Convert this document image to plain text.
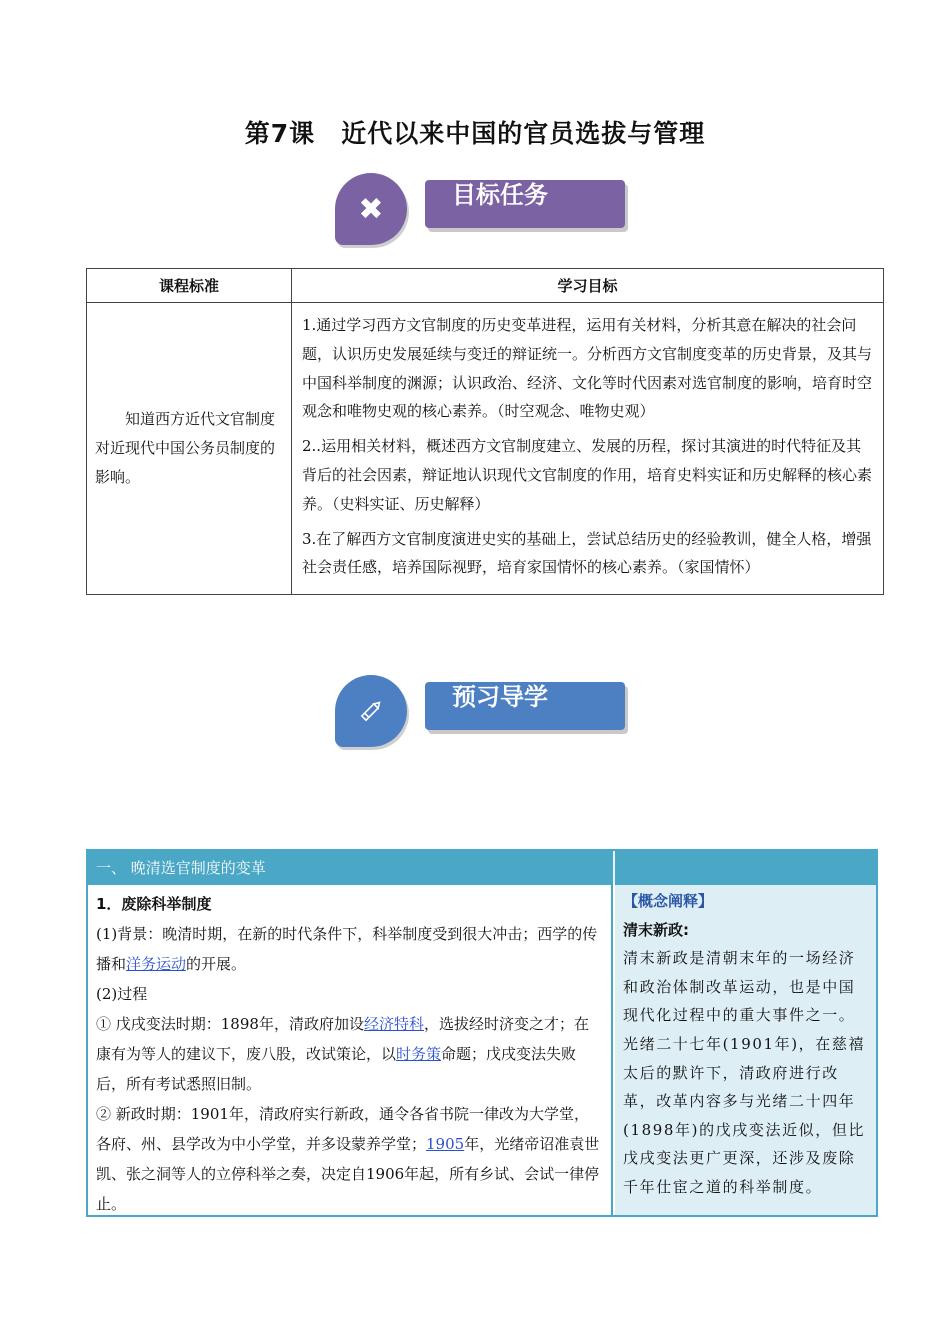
第7课 近代以来中国的官员选拔与管理
目标任务
✖
课程标准	学习目标

知道西方近代文官制度对近现代中国公务员制度的影响。	1.通过学习西方文官制度的历史变革进程，运用有关材料，分析其意在解决的社会问题，认识历史发展延续与变迁的辩证统一。分析西方文官制度变革的历史背景，及其与中国科举制度的渊源；认识政治、经济、文化等时代因素对选官制度的影响，培育时空观念和唯物史观的核心素养。（时空观念、唯物史观）

2..运用相关材料，概述西方文官制度建立、发展的历程，探讨其演进的时代特征及其背后的社会因素，辩证地认识现代文官制度的作用，培育史料实证和历史解释的核心素养。（史料实证、历史解释）

3.在了解西方文官制度演进史实的基础上，尝试总结历史的经验教训，健全人格，增强社会责任感，培养国际视野，培育家国情怀的核心素养。（家国情怀）

预习导学
一、 晚清选官制度的变革

1．废除科举制度

(1)背景：晚清时期，在新的时代条件下，科举制度受到很大冲击；西学的传播和洋务运动的开展。

(2)过程

① 戊戌变法时期：1898年，清政府加设经济特科，选拔经时济变之才；在康有为等人的建议下，废八股，改试策论，以时务策命题；戊戌变法失败后，所有考试悉照旧制。

② 新政时期：1901年，清政府实行新政，通令各省书院一律改为大学堂，各府、州、县学改为中小学堂，并多设蒙养学堂；1905年，光绪帝诏准袁世凯、张之洞等人的立停科举之奏，决定自1906年起，所有乡试、会试一律停止。

【概念阐释】

清末新政:

清末新政是清朝末年的一场经济和政治体制改革运动，也是中国现代化过程中的重大事件之一。光绪二十七年(1901年)，在慈禧太后的默许下，清政府进行改革，改革内容多与光绪二十四年(1898年)的戊戌变法近似，但比戊戌变法更广更深，还涉及废除千年仕宦之道的科举制度。
